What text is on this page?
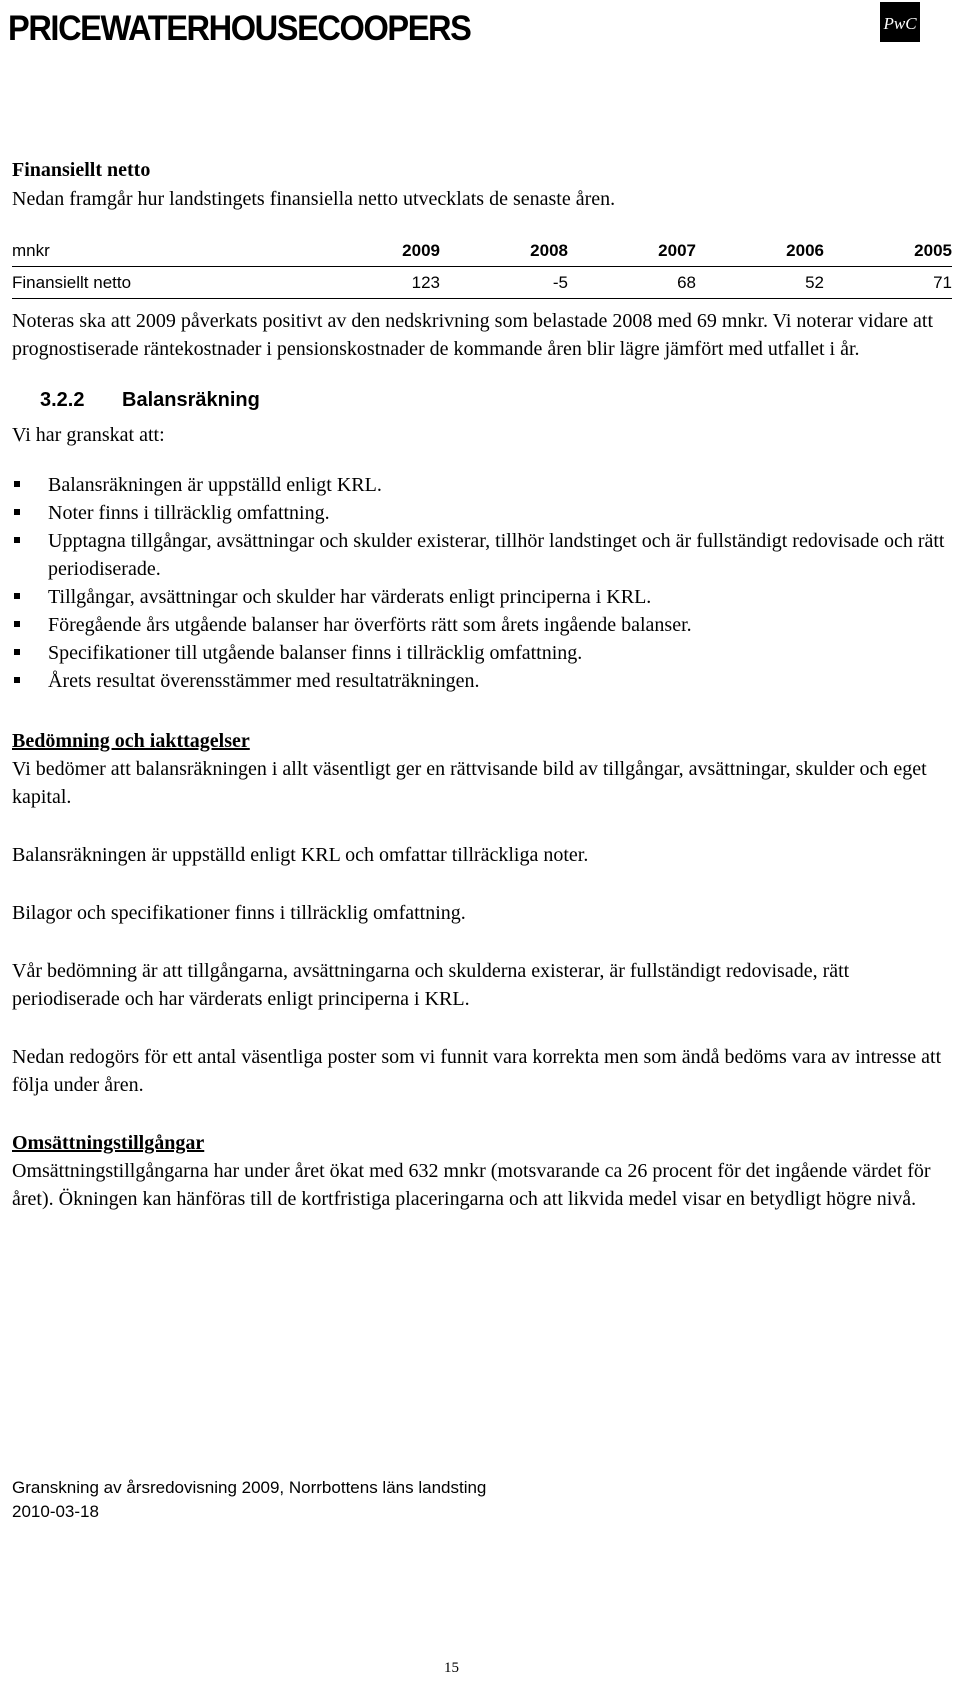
PRICEWATERHOUSECOOPERS	PwC
Finansiellt netto

Nedan framgår hur landstingets finansiella netto utvecklats de senaste åren.

mnkr	2009	2008	2007	2006	2005
Finansiellt netto	123	-5	68	52	71

Noteras ska att 2009 påverkats positivt av den nedskrivning som belastade 2008 med 69 mnkr. Vi noterar vidare att prognostiserade räntekostnader i pensionskostnader de kommande åren blir lägre jämfört med utfallet i år.

3.2.2 Balansräkning

Vi har granskat att:

Balansräkningen är uppställd enligt KRL.
Noter finns i tillräcklig omfattning.
Upptagna tillgångar, avsättningar och skulder existerar, tillhör landstinget och är fullständigt redovisade och rätt periodiserade.
Tillgångar, avsättningar och skulder har värderats enligt principerna i KRL.
Föregående års utgående balanser har överförts rätt som årets ingående balanser.
Specifikationer till utgående balanser finns i tillräcklig omfattning.
Årets resultat överensstämmer med resultaträkningen.
Bedömning och iakttagelser

Vi bedömer att balansräkningen i allt väsentligt ger en rättvisande bild av tillgångar, avsättningar, skulder och eget kapital.

Balansräkningen är uppställd enligt KRL och omfattar tillräckliga noter.

Bilagor och specifikationer finns i tillräcklig omfattning.

Vår bedömning är att tillgångarna, avsättningarna och skulderna existerar, är fullständigt redovisade, rätt periodiserade och har värderats enligt principerna i KRL.

Nedan redogörs för ett antal väsentliga poster som vi funnit vara korrekta men som ändå bedöms vara av intresse att följa under åren.

Omsättningstillgångar

Omsättningstillgångarna har under året ökat med 632 mnkr (motsvarande ca 26 procent för det ingående värdet för året). Ökningen kan hänföras till de kortfristiga placeringarna och att likvida medel visar en betydligt högre nivå.

Granskning av årsredovisning 2009, Norrbottens läns landsting
2010-03-18
15
